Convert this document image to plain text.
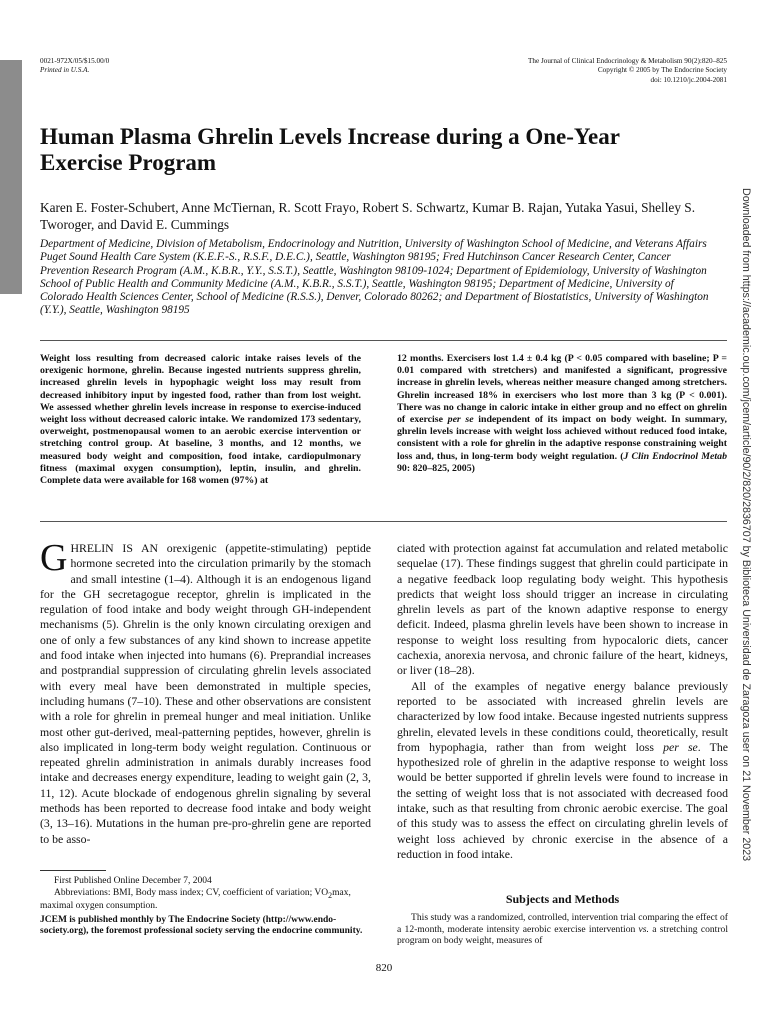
0021-972X/05/$15.00/0
Printed in U.S.A.
The Journal of Clinical Endocrinology & Metabolism 90(2):820–825
Copyright © 2005 by The Endocrine Society
doi: 10.1210/jc.2004-2081
Human Plasma Ghrelin Levels Increase during a One-Year Exercise Program

Karen E. Foster-Schubert, Anne McTiernan, R. Scott Frayo, Robert S. Schwartz, Kumar B. Rajan, Yutaka Yasui, Shelley S. Tworoger, and David E. Cummings

Department of Medicine, Division of Metabolism, Endocrinology and Nutrition, University of Washington School of Medicine, and Veterans Affairs Puget Sound Health Care System (K.E.F.-S., R.S.F., D.E.C.), Seattle, Washington 98195; Fred Hutchinson Cancer Research Center, Cancer Prevention Research Program (A.M., K.B.R., Y.Y., S.S.T.), Seattle, Washington 98109-1024; Department of Epidemiology, University of Washington School of Public Health and Community Medicine (A.M., K.B.R., S.S.T.), Seattle, Washington 98195; Department of Medicine, University of Colorado Health Sciences Center, School of Medicine (R.S.S.), Denver, Colorado 80262; and Department of Biostatistics, University of Washington (Y.Y.), Seattle, Washington 98195

Weight loss resulting from decreased caloric intake raises levels of the orexigenic hormone, ghrelin. Because ingested nutrients suppress ghrelin, increased ghrelin levels in hypophagic weight loss may result from decreased inhibitory input by ingested food, rather than from lost weight. We assessed whether ghrelin levels increase in response to exercise-induced weight loss without decreased caloric intake. We randomized 173 sedentary, overweight, postmenopausal women to an aerobic exercise intervention or stretching control group. At baseline, 3 months, and 12 months, we measured body weight and composition, food intake, cardiopulmonary fitness (maximal oxygen consumption), leptin, insulin, and ghrelin. Complete data were available for 168 women (97%) at

12 months. Exercisers lost 1.4 ± 0.4 kg (P < 0.05 compared with baseline; P = 0.01 compared with stretchers) and manifested a significant, progressive increase in ghrelin levels, whereas neither measure changed among stretchers. Ghrelin increased 18% in exercisers who lost more than 3 kg (P < 0.001). There was no change in caloric intake in either group and no effect on ghrelin of exercise per se independent of its impact on body weight. In summary, ghrelin levels increase with weight loss achieved without reduced food intake, consistent with a role for ghrelin in the adaptive response constraining weight loss and, thus, in long-term body weight regulation. (J Clin Endocrinol Metab 90: 820–825, 2005)

GHRELIN IS AN orexigenic (appetite-stimulating) peptide hormone secreted into the circulation primarily by the stomach and small intestine (1–4). Although it is an endogenous ligand for the GH secretagogue receptor, ghrelin is implicated in the regulation of food intake and body weight through GH-independent mechanisms (5). Ghrelin is the only known circulating orexigen and one of only a few substances of any kind shown to increase appetite and food intake when injected into humans (6). Preprandial increases and postprandial suppression of circulating ghrelin levels associated with every meal have been demonstrated in multiple species, including humans (7–10). These and other observations are consistent with a role for ghrelin in premeal hunger and meal initiation. Unlike most other gut-derived, meal-patterning peptides, however, ghrelin is also implicated in long-term body weight regulation. Continuous or repeated ghrelin administration in animals durably increases food intake and decreases energy expenditure, leading to weight gain (2, 3, 11, 12). Acute blockade of endogenous ghrelin signaling by several methods has been reported to decrease food intake and body weight (3, 13–16). Mutations in the human pre-pro-ghrelin gene are reported to be asso-

ciated with protection against fat accumulation and related metabolic sequelae (17). These findings suggest that ghrelin could participate in a negative feedback loop regulating body weight. This hypothesis predicts that weight loss should trigger an increase in circulating ghrelin levels as part of the known adaptive response to energy deficit. Indeed, plasma ghrelin levels have been shown to increase in response to weight loss resulting from hypocaloric diets, cancer cachexia, anorexia nervosa, and chronic failure of the heart, kidneys, or liver (18–28).

All of the examples of negative energy balance previously reported to be associated with increased ghrelin levels are characterized by low food intake. Because ingested nutrients suppress ghrelin, elevated levels in these conditions could, theoretically, result from hypophagia, rather than from weight loss per se. The hypothesized role of ghrelin in the adaptive response to weight loss would be better supported if ghrelin levels were found to increase in the setting of weight loss that is not associated with decreased food intake, such as that resulting from chronic aerobic exercise. The goal of this study was to assess the effect on circulating ghrelin levels of weight loss achieved by chronic exercise in the absence of a reduction in food intake.

First Published Online December 7, 2004

Abbreviations: BMI, Body mass index; CV, coefficient of variation; $VO_2\max$, maximal oxygen consumption.

JCEM is published monthly by The Endocrine Society (http://www.endo-society.org), the foremost professional society serving the endocrine community.

Subjects and Methods

This study was a randomized, controlled, intervention trial comparing the effect of a 12-month, moderate intensity aerobic exercise intervention vs. a stretching control program on body weight, measures of

820
Downloaded from https://academic.oup.com/jcem/article/90/2/820/2836707 by Biblioteca Universidad de Zaragoza user on 21 November 2023
